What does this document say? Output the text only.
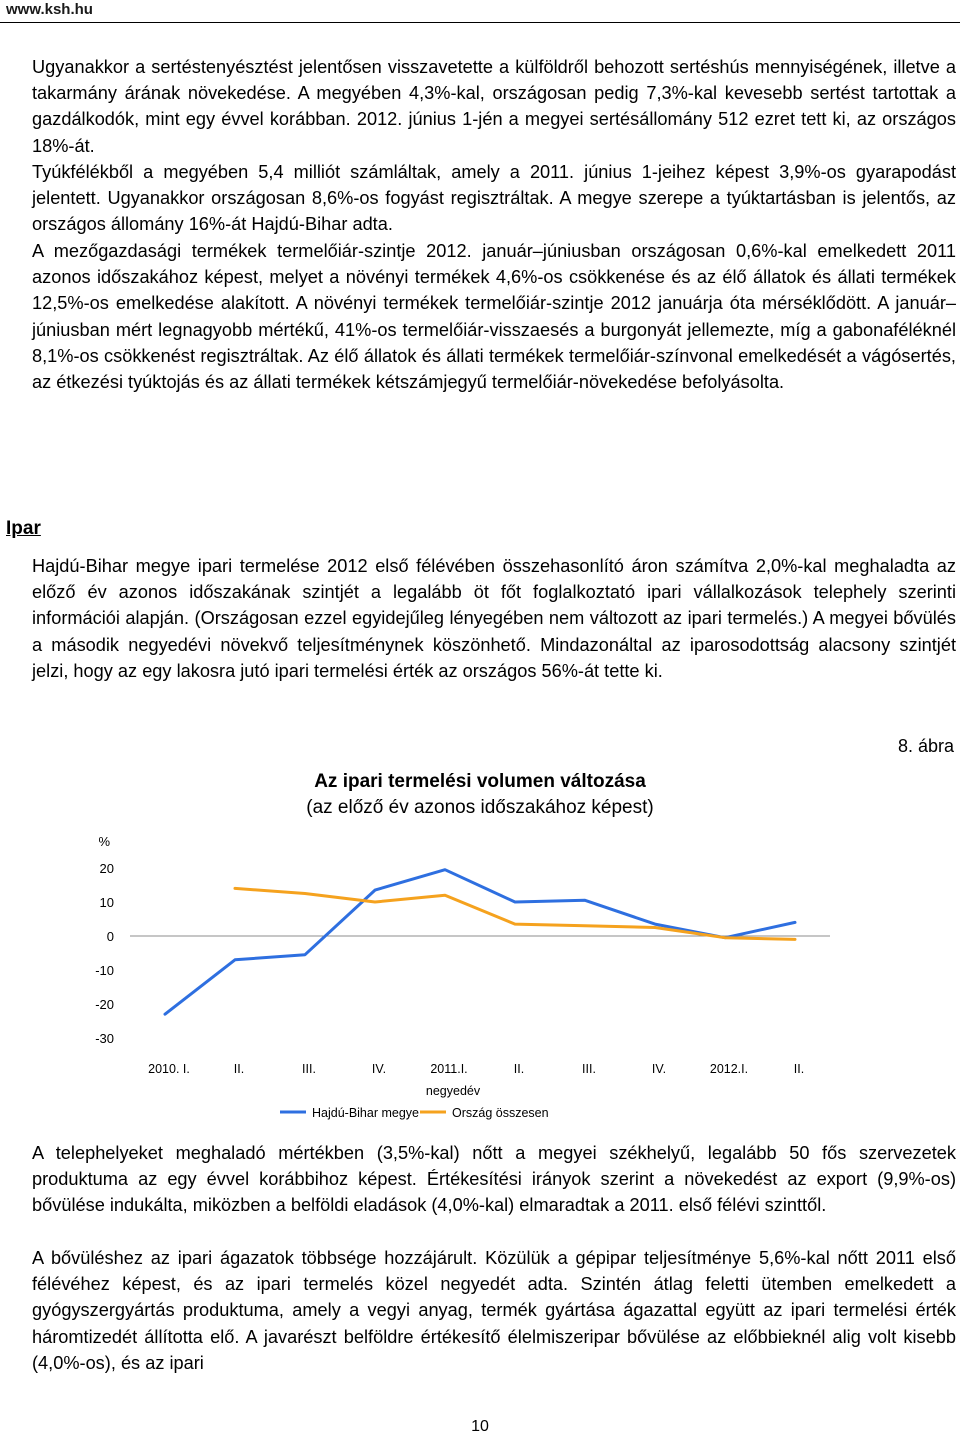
www.ksh.hu

Ugyanakkor a sertéstenyésztést jelentősen visszavetette a külföldről behozott sertéshús mennyiségének, illetve a takarmány árának növekedése. A megyében 4,3%-kal, országosan pedig 7,3%-kal kevesebb sertést tartottak a gazdálkodók, mint egy évvel korábban. 2012. június 1-jén a megyei sertésállomány 512 ezret tett ki, az országos 18%-át.

Tyúkfélékből a megyében 5,4 milliót számláltak, amely a 2011. június 1-jeihez képest 3,9%-os gyarapodást jelentett. Ugyanakkor országosan 8,6%-os fogyást regisztráltak. A megye szerepe a tyúktartásban is jelentős, az országos állomány 16%-át Hajdú-Bihar adta.

A mezőgazdasági termékek termelőiár-szintje 2012. január–júniusban országosan 0,6%-kal emelkedett 2011 azonos időszakához képest, melyet a növényi termékek 4,6%-os csökkenése és az élő állatok és állati termékek 12,5%-os emelkedése alakított. A növényi termékek termelőiár-szintje 2012 januárja óta mérséklődött. A január–júniusban mért legnagyobb mértékű, 41%-os termelőiár-visszaesés a burgonyát jellemezte, míg a gabonaféléknél 8,1%-os csökkenést regisztráltak. Az élő állatok és állati termékek termelőiár-színvonal emelkedését a vágósertés, az étkezési tyúktojás és az állati termékek kétszámjegyű termelőiár-növekedése befolyásolta.

Ipar

Hajdú-Bihar megye ipari termelése 2012 első félévében összehasonlító áron számítva 2,0%-kal meghaladta az előző év azonos időszakának szintjét a legalább öt főt foglalkoztató ipari vállalkozások telephely szerinti információi alapján. (Országosan ezzel egyidejűleg lényegében nem változott az ipari termelés.) A megyei bővülés a második negyedévi növekvő teljesítménynek köszönhető. Mindazonáltal az iparosodottság alacsony szintjét jelzi, hogy az egy lakosra jutó ipari termelési érték az országos 56%-át tette ki.

8. ábra
Az ipari termelési volumen változása
(az előző év azonos időszakához képest)
%
20
10
0
-10
-20
-30
2010. I.	II.	III.	IV.	2011.I.	II.	III.	IV.	2012.I.	II.
negyedév
Hajdú-Bihar megye	Ország összesen

A telephelyeket meghaladó mértékben (3,5%-kal) nőtt a megyei székhelyű, legalább 50 fős szervezetek produktuma az egy évvel korábbihoz képest. Értékesítési irányok szerint a növekedést az export (9,9%-os) bővülése indukálta, miközben a belföldi eladások (4,0%-kal) elmaradtak a 2011. első félévi szinttől.

A bővüléshez az ipari ágazatok többsége hozzájárult. Közülük a gépipar teljesítménye 5,6%-kal nőtt 2011 első félévéhez képest, és az ipari termelés közel negyedét adta. Szintén átlag feletti ütemben emelkedett a gyógyszergyártás produktuma, amely a vegyi anyag, termék gyártása ágazattal együtt az ipari termelési érték háromtizedét állította elő. A javarészt belföldre értékesítő élelmiszeripar bővülése az előbbieknél alig volt kisebb (4,0%-os), és az ipari

10
